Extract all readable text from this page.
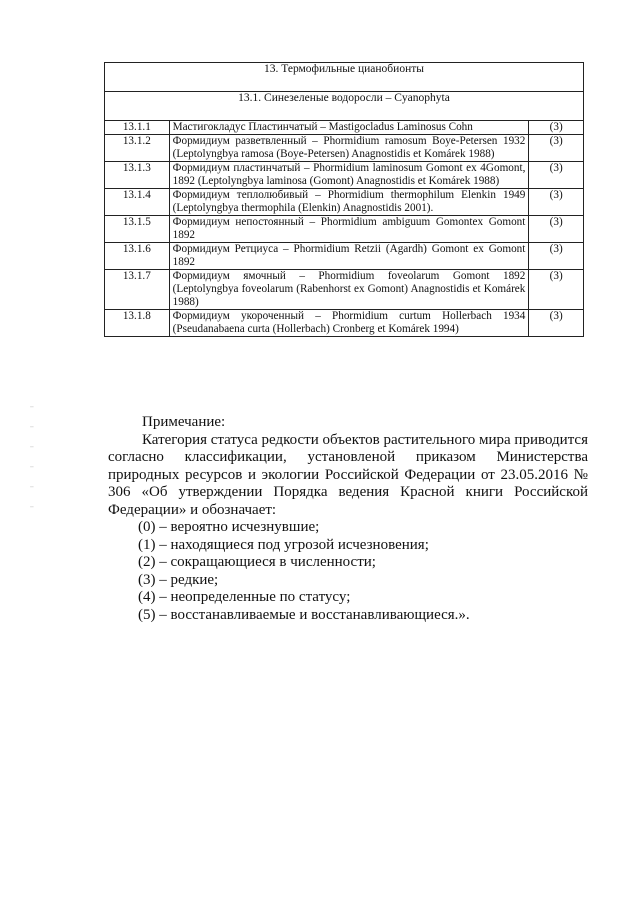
13. Термофильные цианобионты		
13.1. Синезеленые водоросли – Cyanophyta		
13.1.1	Мастигокладус Пластинчатый – Mastigocladus Laminosus Cohn	(3)
13.1.2	Формидиум разветвленный – Phormidium ramosum Boye-Petersen 1932 (Leptolyngbya ramosa (Boye-Petersen) Anagnostidis et Komárek 1988)	(3)
13.1.3	Формидиум пластинчатый – Phormidium laminosum Gomont ex 4Gomont, 1892 (Leptolyngbya laminosa (Gomont) Anagnostidis et Komárek 1988)	(3)
13.1.4	Формидиум теплолюбивый – Phormidium thermophilum Elenkin 1949 (Leptolyngbya thermophila (Elenkin) Anagnostidis 2001).	(3)
13.1.5	Формидиум непостоянный – Phormidium ambiguum Gomontex Gomont 1892	(3)
13.1.6	Формидиум Ретциуса – Phormidium Retzii (Agardh) Gomont ex Gomont 1892	(3)
13.1.7	Формидиум ямочный – Phormidium foveolarum Gomont 1892 (Leptolyngbya foveolarum (Rabenhorst ex Gomont) Anagnostidis et Komárek 1988)	(3)
13.1.8	Формидиум укороченный – Phormidium curtum Hollerbach 1934 (Pseudanabaena curta (Hollerbach) Cronberg et Komárek 1994)	(3)

Примечание:

Категория статуса редкости объектов растительного мира приводится согласно классификации, установленой приказом Министерства природных ресурсов и экологии Российской Федерации от 23.05.2016 № 306 «Об утверждении Порядка ведения Красной книги Российской Федерации» и обозначает:

(0) – вероятно исчезнувшие;

(1) – находящиеся под угрозой исчезновения;

(2) – сокращающиеся в численности;

(3) – редкие;

(4) – неопределенные по статусу;

(5) – восстанавливаемые и восстанавливающиеся.».

┈
┈
┈
┈
┈
┈
